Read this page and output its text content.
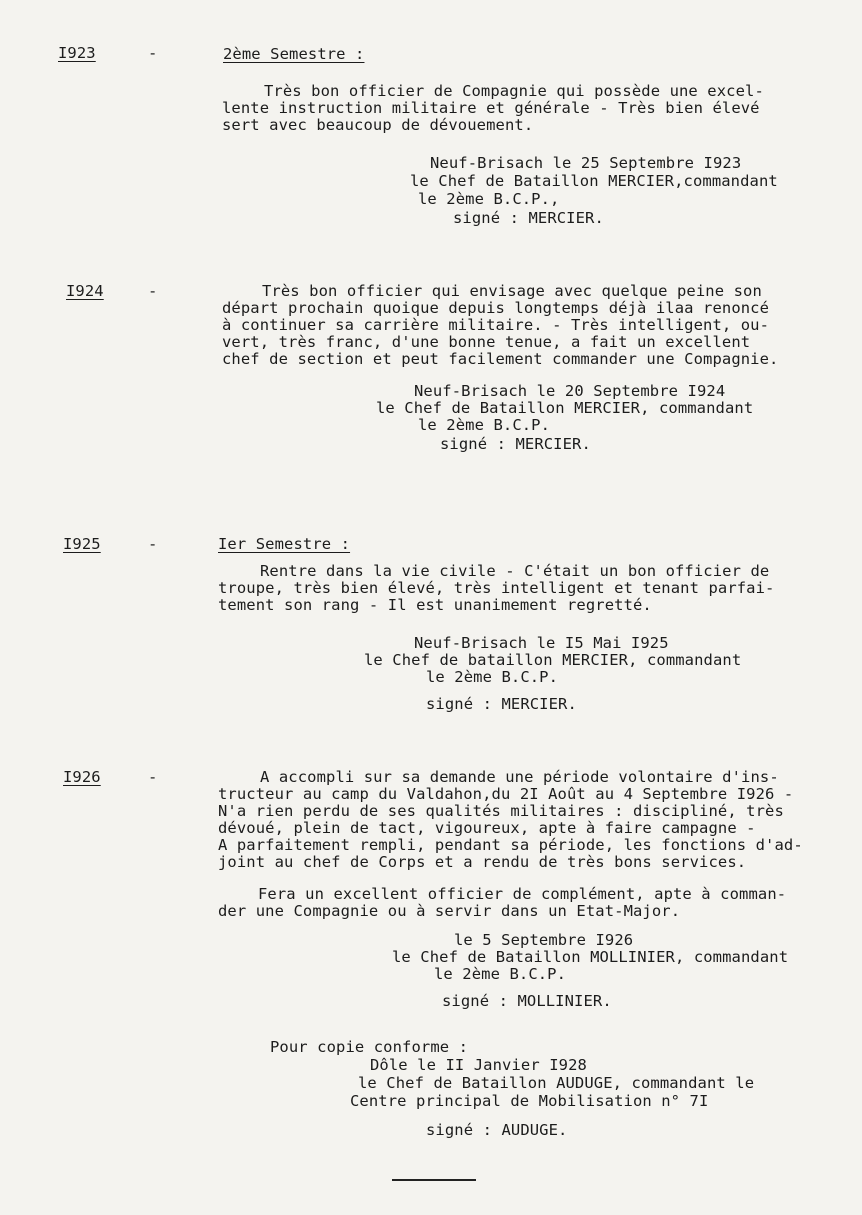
I923	-	2ème Semestre :
Très bon officier de Compagnie qui possède une excel-
lente instruction militaire et générale - Très bien élevé
sert avec beaucoup de dévouement.
Neuf-Brisach le 25 Septembre I923
le Chef de Bataillon MERCIER,commandant
le 2ème B.C.P.,
signé : MERCIER.
I924	-	Très bon officier qui envisage avec quelque peine son
départ prochain quoique depuis longtemps déjà ilaa renoncé
à continuer sa carrière militaire. - Très intelligent, ou-
vert, très franc, d'une bonne tenue, a fait un excellent
chef de section et peut facilement commander une Compagnie.
Neuf-Brisach le 20 Septembre I924
le Chef de Bataillon MERCIER, commandant
le 2ème B.C.P.
signé : MERCIER.
I925	-	Ier Semestre :
Rentre dans la vie civile - C'était un bon officier de
troupe, très bien élevé, très intelligent et tenant parfai-
tement son rang - Il est unanimement regretté.
Neuf-Brisach le I5 Mai I925
le Chef de bataillon MERCIER, commandant
le 2ème B.C.P.
signé : MERCIER.
I926	-	A accompli sur sa demande une période volontaire d'ins-
tructeur au camp du Valdahon,du 2I Août au 4 Septembre I926 -
N'a rien perdu de ses qualités militaires : discipliné, très
dévoué, plein de tact, vigoureux, apte à faire campagne -
A parfaitement rempli, pendant sa période, les fonctions d'ad-
joint au chef de Corps et a rendu de très bons services.
Fera un excellent officier de complément, apte à comman-
der une Compagnie ou à servir dans un Etat-Major.
le 5 Septembre I926
le Chef de Bataillon MOLLINIER, commandant
le 2ème B.C.P.
signé : MOLLINIER.
Pour copie conforme :
Dôle le II Janvier I928
le Chef de Bataillon AUDUGE, commandant le
Centre principal de Mobilisation n° 7I
signé : AUDUGE.
